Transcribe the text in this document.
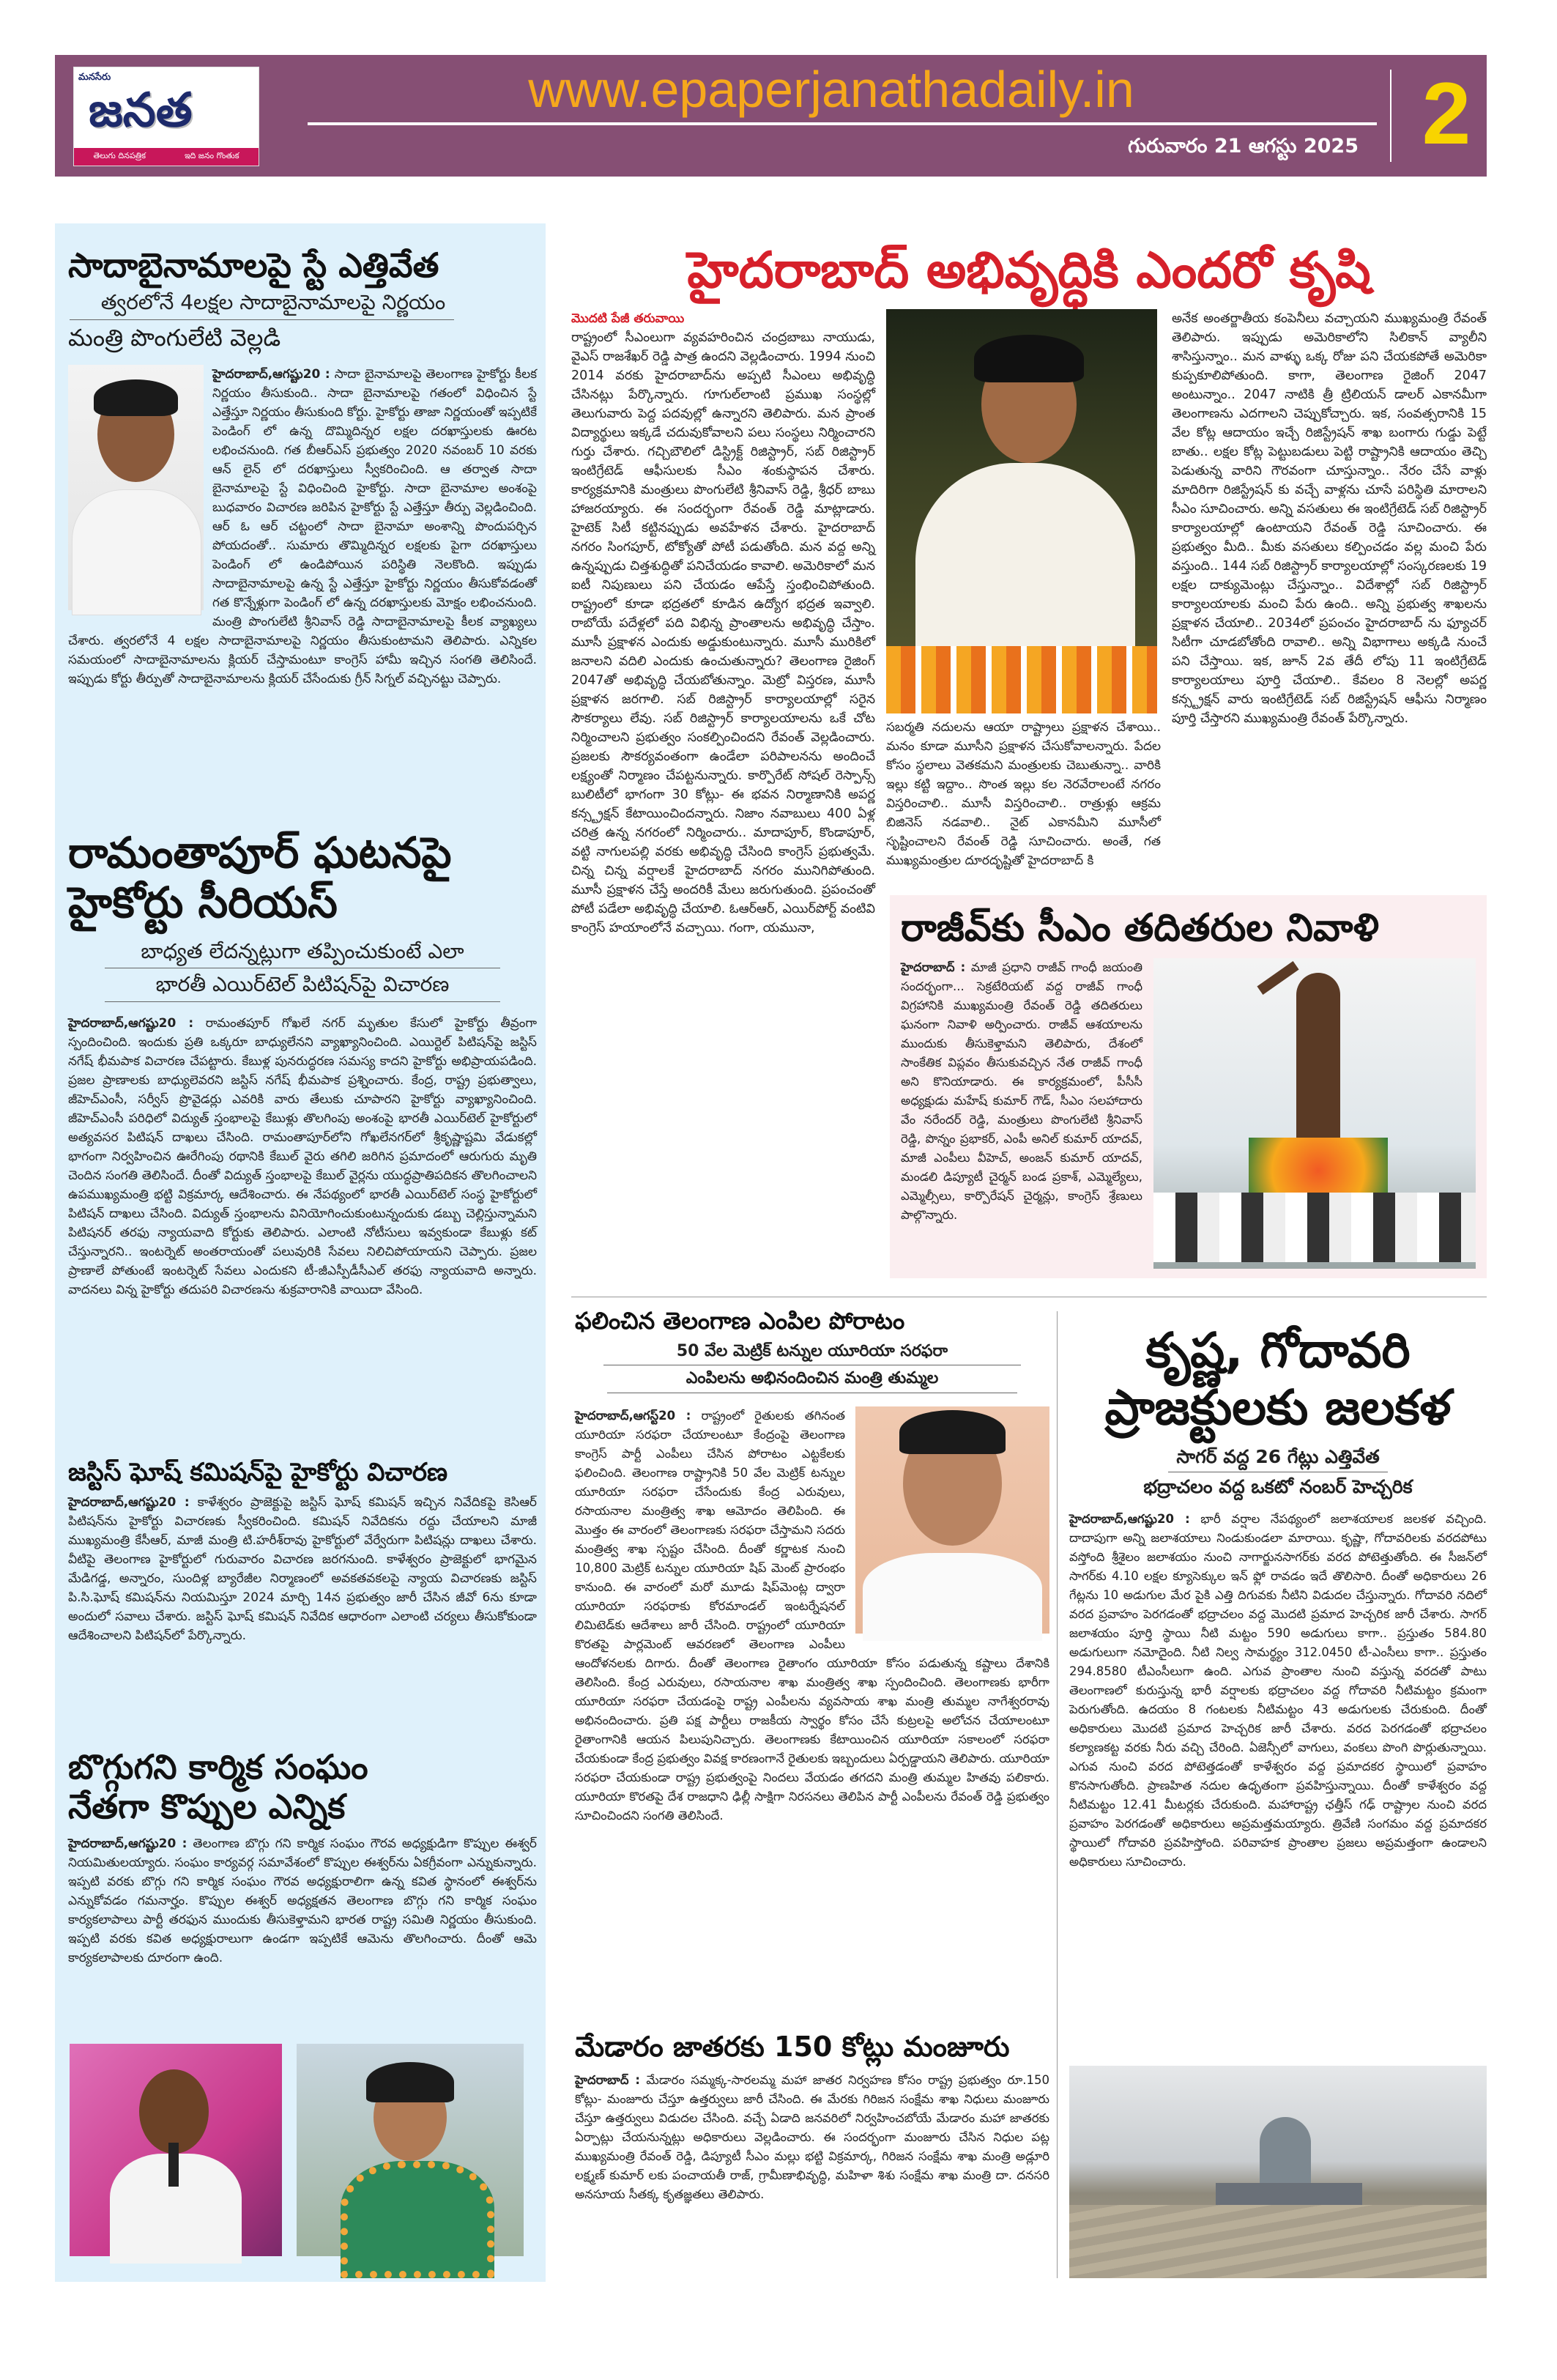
మనసేరు
జనత
తెలుగు దినపత్రిక	ఇది జనం గొంతుక
www.epaperjanathadaily.in
గురువారం 21 ఆగస్టు 2025 2
సాదాబైనామాలపై స్టే ఎత్తివేత
త్వరలోనే 4లక్షల సాదాబైనామాలపై నిర్ణయం
మంత్రి పొంగులేటి వెల్లడి
హైదరాబాద్,ఆగష్టు20 : సాదా బైనామాలపై తెలంగాణ హైకోర్టు కీలక నిర్ణయం తీసుకుంది.. సాదా బైనామాలపై గతంలో విధించిన స్టే ఎత్తేస్తూ నిర్ణయం తీసుకుంది కోర్టు. హైకోర్టు తాజా నిర్ణయంతో ఇప్పటికే పెండింగ్ లో ఉన్న దొమ్మిదిన్నర లక్షల దరఖాస్తులకు ఊరట లభించనుంది. గత బీఆర్ఎస్ ప్రభుత్వం 2020 నవంబర్ 10 వరకు ఆన్ లైన్ లో దరఖాస్తులు స్వీకరించింది. ఆ తర్వాత సాదా బైనామాలపై స్టే విధించింది హైకోర్టు. సాదా బైనామాల అంశంపై బుధవారం విచారణ జరిపిన హైకోర్టు స్టే ఎత్తేస్తూ తీర్పు వెల్లడించింది. ఆర్ ఓ ఆర్ చట్టంలో సాదా బైనామా అంశాన్ని పొందుపర్చిన పోయదంతో.. సుమారు తొమ్మిదిన్నర లక్షలకు పైగా దరఖాస్తులు పెండింగ్ లో ఉండిపోయిన పరిస్థితి నెలకొంది. ఇప్పుడు సాదాబైనామాలపై ఉన్న స్టే ఎత్తేస్తూ హైకోర్టు నిర్ణయం తీసుకోవడంతో గత కొన్నేళ్లుగా పెండింగ్ లో ఉన్న దరఖాస్తులకు మోక్షం లభించనుంది. మంత్రి పొంగులేటి శ్రీనివాస్ రెడ్డి సాదాబైనామాలపై కీలక వ్యాఖ్యలు చేశారు. త్వరలోనే 4 లక్షల సాదాబైనామాలపై నిర్ణయం తీసుకుంటామని తెలిపారు. ఎన్నికల సమయంలో సాదాబైనామాలను క్లియర్ చేస్తామంటూ కాంగ్రెస్ హామీ ఇచ్చిన సంగతి తెలిసిందే. ఇప్పుడు కోర్టు తీర్పుతో సాదాబైనామాలను క్లియర్ చేసేందుకు గ్రీన్ సిగ్నల్ వచ్చినట్టు చెప్పారు.
రామంతాపూర్ ఘటనపై
హైకోర్టు సీరియస్
బాధ్యత లేదన్నట్లుగా తప్పించుకుంటే ఎలా
భారతీ ఎయిర్‌టెల్ పిటిషన్‌పై విచారణ
హైదరాబాద్,ఆగష్టు20 : రామంతపూర్ గోఖలే నగర్ మృతుల కేసులో హైకోర్టు తీవ్రంగా స్పందించింది. ఇందుకు ప్రతి ఒక్కరూ బాధ్యులేనని వ్యాఖ్యానించింది. ఎయిర్టెల్ పిటిషన్‌పై జస్టిస్ నగేష్ భీమపాక విచారణ చేపట్టారు. కేబుళ్ల పునరుద్ధరణ సమస్య కాదని హైకోర్టు అభిప్రాయపడింది. ప్రజల ప్రాణాలకు బాధ్యులెవరని జస్టిస్ నగేష్ భీమపాక ప్రశ్నించారు. కేంద్ర, రాష్ట్ర ప్రభుత్వాలు, జీహెచ్ఎంసీ, సర్వీస్ ప్రొవైడర్లు ఎవరికి వారు తేలుకు చూపారని హైకోర్టు వ్యాఖ్యానించింది. జీహెచ్ఎంసీ పరిధిలో విద్యుత్ స్తంభాలపై కేబుళ్లు తొలగింపు అంశంపై భారతీ ఎయిర్‌టెల్ హైకోర్టులో అత్యవసర పిటిషన్ దాఖలు చేసింది. రామంతాపూర్‌లోని గోఖలేనగర్‌లో శ్రీకృష్ణాష్టమి వేడుకల్లో భాగంగా నిర్వహించిన ఊరేగింపు రథానికి కేబుల్ వైరు తగిలి జరిగిన ప్రమాదంలో ఆరుగురు మృతి చెందిన సంగతి తెలిసిందే. దీంతో విద్యుత్ స్తంభాలపై కేబుల్ వైర్లను యుద్ధప్రాతిపదికన తొలగించాలని ఉపముఖ్యమంత్రి భట్టి విక్రమార్క ఆదేశించారు. ఈ నేపథ్యంలో భారతీ ఎయిర్‌టెల్ సంస్థ హైకోర్టులో పిటిషన్ దాఖలు చేసింది. విద్యుత్ స్తంభాలను వినియోగించుకుంటున్నందుకు డబ్బు చెల్లిస్తున్నామని పిటిషనర్ తరఫు న్యాయవాది కోర్టుకు తెలిపారు. ఎలాంటి నోటీసులు ఇవ్వకుండా కేబుళ్లు కట్ చేస్తున్నారని.. ఇంటర్నెట్ అంతరాయంతో పలువురికి సేవలు నిలిచిపోయాయని చెప్పారు. ప్రజల ప్రాణాలే పోతుంటే ఇంటర్నెట్ సేవలు ఎందుకని టీ-జీఎస్పీడీసీఎల్ తరఫు న్యాయవాది అన్నారు. వాదనలు విన్న హైకోర్టు తదుపరి విచారణను శుక్రవారానికి వాయిదా వేసింది.
జస్టిస్ ఘోష్ కమిషన్‌పై హైకోర్టు విచారణ
హైదరాబాద్,ఆగష్టు20 : కాళేశ్వరం ప్రాజెక్టుపై జస్టిస్ ఘోష్ కమిషన్ ఇచ్చిన నివేదికపై కెసిఆర్ పిటిషన్‌ను హైకోర్టు విచారణకు స్వీకరించింది. కమిషన్ నివేదికను రద్దు చేయాలని మాజీ ముఖ్యమంత్రి కేసీఆర్, మాజీ మంత్రి టి.హరీశ్‌రావు హైకోర్టులో వేర్వేరుగా పిటిషన్లు దాఖలు చేశారు. వీటిపై తెలంగాణ హైకోర్టులో గురువారం విచారణ జరగనుంది. కాళేశ్వరం ప్రాజెక్టులో భాగమైన మేడిగడ్డ, అన్నారం, సుందిళ్ల బ్యారేజీల నిర్మాణంలో అవకతవకలపై న్యాయ విచారణకు జస్టిస్ పి.సి.ఘోష్ కమిషన్‌ను నియమిస్తూ 2024 మార్చి 14న ప్రభుత్వం జారీ చేసిన జీవో 6ను కూడా అందులో సవాలు చేశారు. జస్టిస్ ఘోష్ కమిషన్ నివేదిక ఆధారంగా ఎలాంటి చర్యలు తీసుకోకుండా ఆదేశించాలని పిటిషన్‌లో పేర్కొన్నారు.
బొగ్గుగని కార్మిక సంఘం
నేతగా కొప్పుల ఎన్నిక
హైదరాబాద్,ఆగష్టు20 : తెలంగాణ బొగ్గు గని కార్మిక సంఘం గౌరవ అధ్యక్షుడిగా కొప్పుల ఈశ్వర్ నియమితులయ్యారు. సంఘం కార్యవర్గ సమావేశంలో కొప్పుల ఈశ్వర్‌ను ఏకగ్రీవంగా ఎన్నుకున్నారు. ఇప్పటి వరకు బొగ్గు గని కార్మిక సంఘం గౌరవ అధ్యక్షురాలిగా ఉన్న కవిత స్థానంలో ఈశ్వర్‌ను ఎన్నుకోవడం గమనార్హం. కొప్పుల ఈశ్వర్ అధ్యక్షతన తెలంగాణ బొగ్గు గని కార్మిక సంఘం కార్యకలాపాలు పార్టీ తరఫున ముందుకు తీసుకెళ్తామని భారత రాష్ట్ర సమితి నిర్ణయం తీసుకుంది. ఇప్పటి వరకు కవిత అధ్యక్షురాలుగా ఉండగా ఇప్పటికే ఆమెను తొలగించారు. దీంతో ఆమె కార్యకలాపాలకు దూరంగా ఉంది.
హైదరాబాద్ అభివృద్ధికి ఎందరో కృషి
మొదటి పేజీ తరువాయి
రాష్ట్రంలో సీఎంలుగా వ్యవహరించిన చంద్రబాబు నాయుడు, వైఎస్ రాజశేఖర్ రెడ్డి పాత్ర ఉందని వెల్లడించారు. 1994 నుంచి 2014 వరకు హైదరాబాద్‌ను అప్పటి సీఎంలు అభివృద్ధి చేసినట్లు పేర్కొన్నారు. గూగుల్‌లాంటి ప్రముఖ సంస్థల్లో తెలుగువారు పెద్ద పదవుల్లో ఉన్నారని తెలిపారు. మన ప్రాంత విద్యార్థులు ఇక్కడే చదువుకోవాలని పలు సంస్థలు నిర్మించారని గుర్తు చేశారు. గచ్చిబౌలిలో డిస్ట్రిక్ట్ రిజిస్ట్రార్, సబ్ రిజిస్ట్రార్ ఇంటిగ్రేటెడ్ ఆఫీసులకు సీఎం శంకుస్థాపన చేశారు. కార్యక్రమానికి మంత్రులు పొంగులేటి శ్రీనివాస్ రెడ్డి, శ్రీధర్ బాబు హాజరయ్యారు. ఈ సందర్భంగా రేవంత్ రెడ్డి మాట్లాడారు. హైటెక్ సిటీ కట్టినప్పుడు అవహేళన చేశారు. హైదరాబాద్ నగరం సింగపూర్, టోక్యోతో పోటీ పడుతోంది. మన వద్ద అన్ని ఉన్నప్పుడు చిత్తశుద్ధితో పనిచేయడం కావాలి. అమెరికాలో మన ఐటీ నిపుణులు పని చేయడం ఆపేస్తే స్తంభించిపోతుంది. రాష్ట్రంలో కూడా భద్రతలో కూడిన ఉద్యోగ భద్రత ఇవ్వాలి. రాబోయే పదేళ్లలో పది విభిన్న ప్రాంతాలను అభివృద్ధి చేస్తాం. మూసీ ప్రక్షాళన ఎందుకు అడ్డుకుంటున్నారు. మూసీ మురికిలో జనాలని వదిలి ఎందుకు ఉంచుతున్నారు? తెలంగాణ రైజింగ్ 2047తో అభివృద్ధి చేయబోతున్నాం. మెట్రో విస్తరణ, మూసీ ప్రక్షాళన జరగాలి. సబ్ రిజిస్ట్రార్ కార్యాలయాల్లో సరైన సౌకర్యాలు లేవు. సబ్ రిజిస్ట్రార్ కార్యాలయాలను ఒకే చోట నిర్మించాలని ప్రభుత్వం సంకల్పించిందని రేవంత్ వెల్లడించారు. ప్రజలకు సౌకర్యవంతంగా ఉండేలా పరిపాలనను అందించే లక్ష్యంతో నిర్మాణం చేపట్టనున్నారు. కార్పొరేట్ సోషల్ రెస్పాన్స్ బులిటీలో భాగంగా 30 కోట్లు- ఈ భవన నిర్మాణానికి అపర్ణ కన్స్ట్రక్షన్ కేటాయించిందన్నారు. నిజాం నవాబులు 400 ఏళ్ల చరిత్ర ఉన్న నగరంలో నిర్మించారు.. మాదాపూర్, కొండాపూర్, వట్టి నాగులపల్లి వరకు అభివృద్ధి చేసింది కాంగ్రెస్ ప్రభుత్వమే. చిన్న చిన్న వర్షాలకే హైదరాబాద్ నగరం మునిగిపోతుంది. మూసీ ప్రక్షాళన చేస్తే అందరికీ మేలు జరుగుతుంది. ప్రపంచంతో పోటీ పడేలా అభివృద్ధి చేయాలి. ఓఆర్ఆర్, ఎయిర్‌పోర్ట్ వంటివి కాంగ్రెస్ హయాంలోనే వచ్చాయి. గంగా, యమునా,
సబర్మతి నదులను ఆయా రాష్ట్రాలు ప్రక్షాళన చేశాయి.. మనం కూడా మూసీని ప్రక్షాళన చేసుకోవాలన్నారు. పేదల కోసం స్థలాలు వెతకమని మంత్రులకు చెబుతున్నా.. వారికి ఇల్లు కట్టి ఇద్దాం.. సొంత ఇల్లు కల నెరవేరాలంటే నగరం విస్తరించాలి.. మూసీ విస్తరించాలి.. రాత్రుళ్లు ఆక్రమ బిజినెస్ నడవాలి.. నైట్ ఎకానమీని మూసీలో సృష్టించాలని రేవంత్ రెడ్డి సూచించారు. అంతే, గత ముఖ్యమంత్రుల దూరదృష్టితో హైదరాబాద్ కి
అనేక అంతర్జాతీయ కంపెనీలు వచ్చాయని ముఖ్యమంత్రి రేవంత్ తెలిపారు. ఇప్పుడు అమెరికాలోని సిలికాన్ వ్యాలీని శాసిస్తున్నాం.. మన వాళ్ళు ఒక్క రోజు పని చేయకపోతే అమెరికా కుప్పకూలిపోతుంది. కాగా, తెలంగాణ రైజింగ్ 2047 అంటున్నాం.. 2047 నాటికి త్రీ ట్రిలియన్ డాలర్ ఎకానమీగా తెలంగాణను ఎదగాలని చెప్పుకోచ్చారు. ఇక, సంవత్సరానికి 15 వేల కోట్ల ఆదాయం ఇచ్చే రిజిస్ట్రేషన్ శాఖ బంగారు గుడ్డు పెట్టే బాతు.. లక్షల కోట్ల పెట్టుబడులు పెట్టి రాష్ట్రానికి ఆదాయం తెచ్చి పెడుతున్న వారిని గౌరవంగా చూస్తున్నాం.. నేరం చేసే వాళ్లు మాదిరిగా రిజిస్ట్రేషన్ కు వచ్చే వాళ్లను చూసే పరిస్థితి మారాలని సీఎం సూచించారు. అన్ని వసతులు ఈ ఇంటిగ్రేటెడ్ సబ్ రిజిస్ట్రార్ కార్యాలయాల్లో ఉంటాయని రేవంత్ రెడ్డి సూచించారు. ఈ ప్రభుత్వం మీది.. మీకు వసతులు కల్పించడం వల్ల మంచి పేరు వస్తుంది.. 144 సబ్ రిజిస్ట్రార్ కార్యాలయాల్లో సంస్కరణలకు 19 లక్షల దాక్యుమెంట్లు చేస్తున్నాం.. విదేశాల్లో సబ్ రిజిస్ట్రార్ కార్యాలయాలకు మంచి పేరు ఉంది.. అన్ని ప్రభుత్వ శాఖలను ప్రక్షాళన చేయాలి.. 2034లో ప్రపంచం హైదరాబాద్ ను ఫ్యూచర్ సిటీగా చూడబోతోంది రావాలి.. అన్ని విభాగాలు అక్కడి నుంచే పని చేస్తాయి. ఇక, జూన్ 2వ తేదీ లోపు 11 ఇంటిగ్రేటెడ్ కార్యాలయాలు పూర్తి చేయాలి.. కేవలం 8 నెలల్లో అపర్ణ కన్స్ట్రక్షన్ వారు ఇంటిగ్రేటెడ్ సబ్ రిజిస్ట్రేషన్ ఆఫీసు నిర్మాణం పూర్తి చేస్తారని ముఖ్యమంత్రి రేవంత్ పేర్కొన్నారు.
రాజీవ్‌కు సీఎం తదితరుల నివాళి
హైదరాబాద్ : మాజీ ప్రధాని రాజీవ్ గాంధీ జయంతి సందర్భంగా... సెక్రటేరియట్ వద్ద రాజీవ్ గాంధీ విగ్రహానికి ముఖ్యమంత్రి రేవంత్ రెడ్డి తదితరులు ఘనంగా నివాళి అర్పించారు. రాజీవ్ ఆశయాలను ముందుకు తీసుకెళ్తామని తెలిపారు, దేశంలో సాంకేతిక విప్లవం తీసుకువచ్చిన నేత రాజీవ్ గాంధీ అని కొనియాడారు. ఈ కార్యక్రమంలో, పీసీసీ అధ్యక్షుడు మహేష్ కుమార్ గౌడ్, సీఎం సలహాదారు వేం నరేందర్ రెడ్డి, మంత్రులు పొంగులేటి శ్రీనివాస్ రెడ్డి, పొన్నం ప్రభాకర్, ఎంపీ అనిల్ కుమార్ యాదవ్, మాజీ ఎంపీలు వీహెచ్, అంజన్ కుమార్ యాదవ్, మండలి డిప్యూటీ చైర్మన్ బండ ప్రకాశ్, ఎమ్మెల్యేలు, ఎమ్మెల్సీలు, కార్పొరేషన్ చైర్మన్లు, కాంగ్రెస్ శ్రేణులు పాల్గొన్నారు.
ఫలించిన తెలంగాణ ఎంపిల పోరాటం
50 వేల మెట్రిక్ టన్నుల యూరియా సరఫరా
ఎంపిలను అభినందించిన మంత్రి తుమ్మల
హైదరాబాద్,ఆగస్ట్20 : రాష్ట్రంలో రైతులకు తగినంత యూరియా సరఫరా చేయాలంటూ కేంద్రంపై తెలంగాణ కాంగ్రెస్ పార్టీ ఎంపీలు చేసిన పోరాటం ఎట్టకేలకు ఫలించింది. తెలంగాణ రాష్ట్రానికి 50 వేల మెట్రిక్ టన్నుల యూరియా సరఫరా చేసేందుకు కేంద్ర ఎరువులు, రసాయనాల మంత్రిత్వ శాఖ ఆమోదం తెలిపింది. ఈ మొత్తం ఈ వారంలో తెలంగాణకు సరఫరా చేస్తామని సదరు మంత్రిత్వ శాఖ స్పష్టం చేసింది. దీంతో కర్ణాటక నుంచి 10,800 మెట్రిక్ టన్నుల యూరియా షిప్ మెంట్ ప్రారంభం కానుంది. ఈ వారంలో మరో మూడు షిప్‌మెంట్ల ద్వారా యూరియా సరఫరాకు కోరమాండల్ ఇంటర్నేషనల్ లిమిటెడ్‌కు ఆదేశాలు జారీ చేసింది. రాష్ట్రంలో యూరియా కొరతపై పార్లమెంట్ ఆవరణలో తెలంగాణ ఎంపీలు ఆందోళనలకు దిగారు. దీంతో తెలంగాణ రైతాంగం యూరియా కోసం పడుతున్న కష్టాలు దేశానికి తెలిసింది. కేంద్ర ఎరువులు, రసాయనాల శాఖ మంత్రిత్వ శాఖ స్పందించింది. తెలంగాణకు భారీగా యూరియా సరఫరా చేయడంపై రాష్ట్ర ఎంపీలను వ్యవసాయ శాఖ మంత్రి తుమ్మల నాగేశ్వరరావు అభినందించారు. ప్రతి పక్ష పార్టీలు రాజకీయ స్వార్థం కోసం చేసే కుట్రలపై అలోచన చేయాలంటూ రైతాంగానికి ఆయన పిలుపునిచ్చారు. తెలంగాణకు కేటాయించిన యూరియా సకాలంలో సరఫరా చేయకుండా కేంద్ర ప్రభుత్వం వివక్ష కారణంగానే రైతులకు ఇబ్బందులు ఏర్పడ్డాయని తెలిపారు. యూరియా సరఫరా చేయకుండా రాష్ట్ర ప్రభుత్వంపై నిందలు వేయడం తగదని మంత్రి తుమ్మల హితవు పలికారు. యూరియా కొరతపై దేశ రాజధాని ఢిల్లీ సాక్షిగా నిరసనలు తెలిపిన పార్టీ ఎంపీలను రేవంత్ రెడ్డి ప్రభుత్వం సూచించిందని సంగతి తెలిసిందే.
మేడారం జాతరకు 150 కోట్లు మంజూరు
హైదరాబాద్ : మేడారం సమ్మక్క-సారలమ్మ మహా జాతర నిర్వహణ కోసం రాష్ట్ర ప్రభుత్వం రూ.150 కోట్లు- మంజూరు చేస్తూ ఉత్తర్వులు జారీ చేసింది. ఈ మేరకు గిరిజన సంక్షేమ శాఖ నిధులు మంజూరు చేస్తూ ఉత్తర్వులు విడుదల చేసింది. వచ్చే ఏడాది జనవరిలో నిర్వహించబోయే మేడారం మహా జాతరకు ఏర్పాట్లు చేయనున్నట్లు అధికారులు వెల్లడించారు. ఈ సందర్భంగా మంజూరు చేసిన నిధుల పట్ల ముఖ్యమంత్రి రేవంత్ రెడ్డి, డిప్యూటీ సీఎం మల్లు భట్టి విక్రమార్క, గిరిజన సంక్షేమ శాఖ మంత్రి అడ్లూరి లక్ష్మణ్ కుమార్ లకు పంచాయతీ రాజ్, గ్రామీణాభివృద్ధి, మహిళా శిశు సంక్షేమ శాఖ మంత్రి దా. దనసరి అనసూయ సీతక్క కృతజ్ఞతలు తెలిపారు.
కృష్ణ, గోదావరి
ప్రాజక్టులకు జలకళ
సాగర్ వద్ద 26 గేట్లు ఎత్తివేత
భద్రాచలం వద్ద ఒకటో నంబర్ హెచ్చరిక
హైదరాబాద్,ఆగష్టు20 : భారీ వర్షాల నేపథ్యంలో జలాశయాలక జలకళ వచ్చింది. దాదాపుగా అన్ని జలాశయాలు నిండుకుండలా మారాయి. కృష్ణా, గోదావరిలకు వరదపోటు వస్తోంది శ్రీశైలం జలాశయం నుంచి నాగార్జునసాగర్‌కు వరద పోటెత్తుతోంది. ఈ సీజన్‌లో సాగర్‌కు 4.10 లక్షల క్యూసెక్కుల ఇన్ ఫ్లో రావడం ఇదే తొలిసారి. దీంతో అధికారులు 26 గేట్లను 10 అడుగుల మేర పైకి ఎత్తి దిగువకు నీటిని విడుదల చేస్తున్నారు. గోదావరి నదిలో వరద ప్రవాహం పెరగడంతో భద్రాచలం వద్ద మొదటి ప్రమాద హెచ్చరిక జారీ చేశారు. సాగర్ జలాశయం పూర్తి స్థాయి నీటి మట్టం 590 అడుగులు కాగా.. ప్రస్తుతం 584.80 అడుగులుగా నమోదైంది. నీటి నిల్వ సామర్థ్యం 312.0450 టీ-ఎంసీలు కాగా.. ప్రస్తుతం 294.8580 టీఎంసీలుగా ఉంది. ఎగువ ప్రాంతాల నుంచి వస్తున్న వరదతో పాటు తెలంగాణలో కురుస్తున్న భారీ వర్షాలకు భద్రాచలం వద్ద గోదావరి నీటిమట్టం క్రమంగా పెరుగుతోంది. ఉదయం 8 గంటలకు నీటిమట్టం 43 అడుగులకు చేరుకుంది. దీంతో అధికారులు మొదటి ప్రమాద హెచ్చరిక జారీ చేశారు. వరద పెరగడంతో భద్రాచలం కల్యాణకట్ట వరకు నీరు వచ్చి చేరింది. ఏజెన్సీలో వాగులు, వంకలు పొంగి పొర్లుతున్నాయి. ఎగువ నుంచి వరద పోటెత్తడంతో కాళేశ్వరం వద్ద ప్రమాదకర స్థాయిలో ప్రవాహం కొనసాగుతోంది. ప్రాణహిత నదుల ఉధృతంగా ప్రవహిస్తున్నాయి. దీంతో కాళేశ్వరం వద్ద నీటిమట్టం 12.41 మీటర్లకు చేరుకుంది. మహారాష్ట్ర ఛత్తీస్ గఢ్ రాష్ట్రాల నుంచి వరద ప్రవాహం పెరగడంతో అధికారులు అప్రమత్తమయ్యారు. త్రివేణి సంగమం వద్ద ప్రమాదకర స్థాయిలో గోదావరి ప్రవహిస్తోంది. పరివాహక ప్రాంతాల ప్రజలు అప్రమత్తంగా ఉండాలని అధికారులు సూచించారు.
